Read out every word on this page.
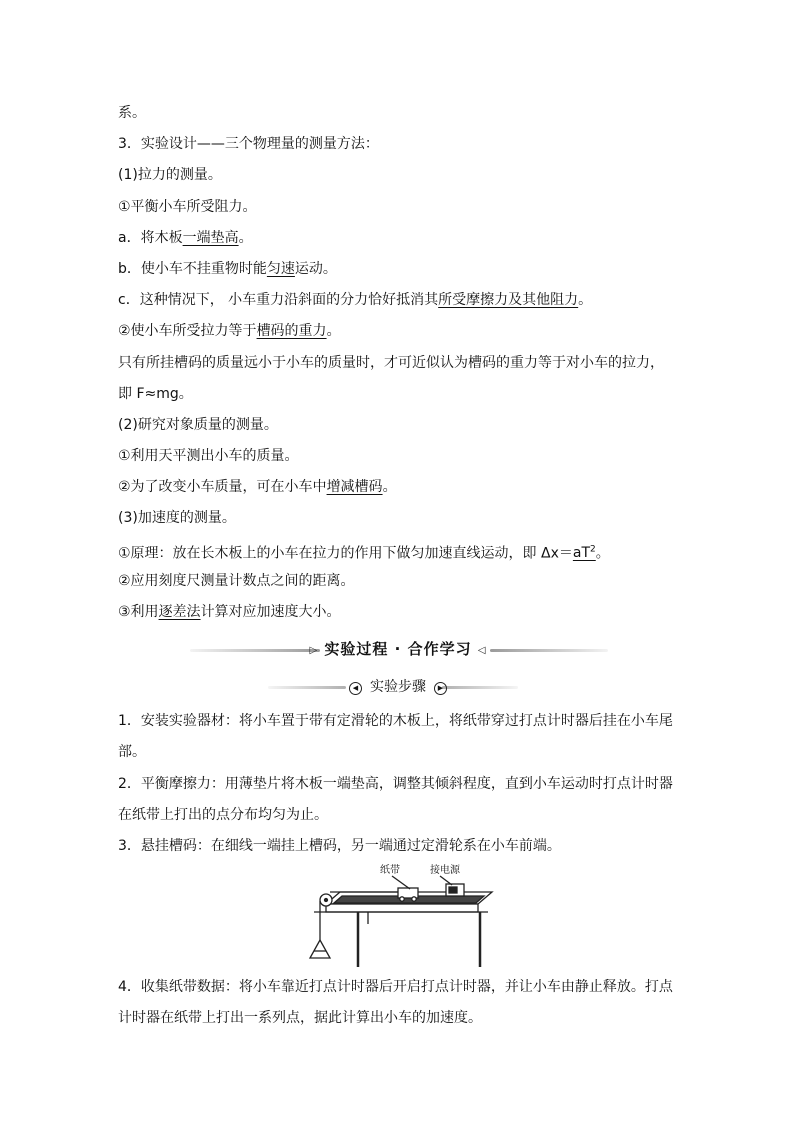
系。
3．实验设计——三个物理量的测量方法：
(1)拉力的测量。
①平衡小车所受阻力。
a．将木板一端垫高。
b．使小车不挂重物时能匀速运动。
c．这种情况下， 小车重力沿斜面的分力恰好抵消其所受摩擦力及其他阻力。
②使小车所受拉力等于槽码的重力。
只有所挂槽码的质量远小于小车的质量时，才可近似认为槽码的重力等于对小车的拉力，
即 F≈mg。
(2)研究对象质量的测量。
①利用天平测出小车的质量。
②为了改变小车质量，可在小车中增减槽码。
(3)加速度的测量。
①原理：放在长木板上的小车在拉力的作用下做匀加速直线运动，即 $\Delta x=aT^2$。
②应用刻度尺测量计数点之间的距离。
③利用逐差法计算对应加速度大小。
▷ 实验过程 · 合作学习 ◁
◀ 实验步骤 ▶
1．安装实验器材：将小车置于带有定滑轮的木板上，将纸带穿过打点计时器后挂在小车尾部。
2．平衡摩擦力：用薄垫片将木板一端垫高，调整其倾斜程度，直到小车运动时打点计时器在纸带上打出的点分布均匀为止。
3．悬挂槽码：在细线一端挂上槽码，另一端通过定滑轮系在小车前端。
纸带	接电源
4．收集纸带数据：将小车靠近打点计时器后开启打点计时器，并让小车由静止释放。打点计时器在纸带上打出一系列点，据此计算出小车的加速度。
